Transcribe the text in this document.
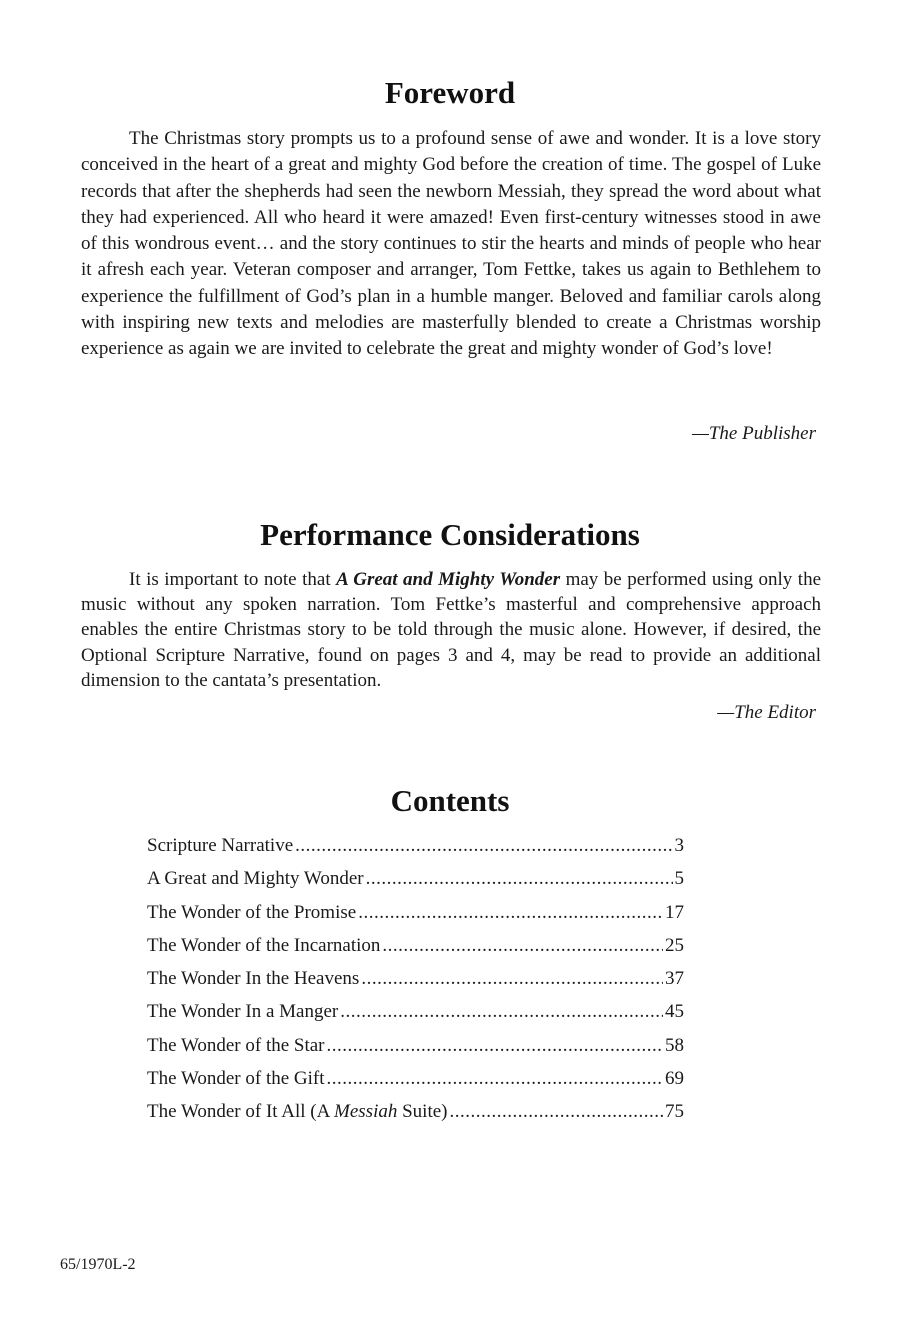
Foreword

The Christmas story prompts us to a profound sense of awe and wonder. It is a love story conceived in the heart of a great and mighty God before the creation of time. The gospel of Luke records that after the shepherds had seen the newborn Messiah, they spread the word about what they had experienced. All who heard it were amazed! Even first-century witnesses stood in awe of this wondrous event… and the story continues to stir the hearts and minds of people who hear it afresh each year. Veteran composer and arranger, Tom Fettke, takes us again to Bethlehem to experience the fulfillment of God’s plan in a humble manger. Beloved and familiar carols along with inspiring new texts and melodies are masterfully blended to create a Christmas worship experience as again we are invited to celebrate the great and mighty wonder of God’s love!

—The Publisher
Performance Considerations

It is important to note that A Great and Mighty Wonder may be performed using only the music without any spoken narration. Tom Fettke’s masterful and comprehensive approach enables the entire Christmas story to be told through the music alone. However, if desired, the Optional Scripture Narrative, found on pages 3 and 4, may be read to provide an additional dimension to the cantata’s presentation.

—The Editor
Contents
Scripture Narrative .....	3
A Great and Mighty Wonder .....	5
The Wonder of the Promise .....	17
The Wonder of the Incarnation .....	25
The Wonder In the Heavens .....	37
The Wonder In a Manger .....	45
The Wonder of the Star .....	58
The Wonder of the Gift .....	69
The Wonder of It All (A Messiah Suite) .....	75
65/1970L-2
